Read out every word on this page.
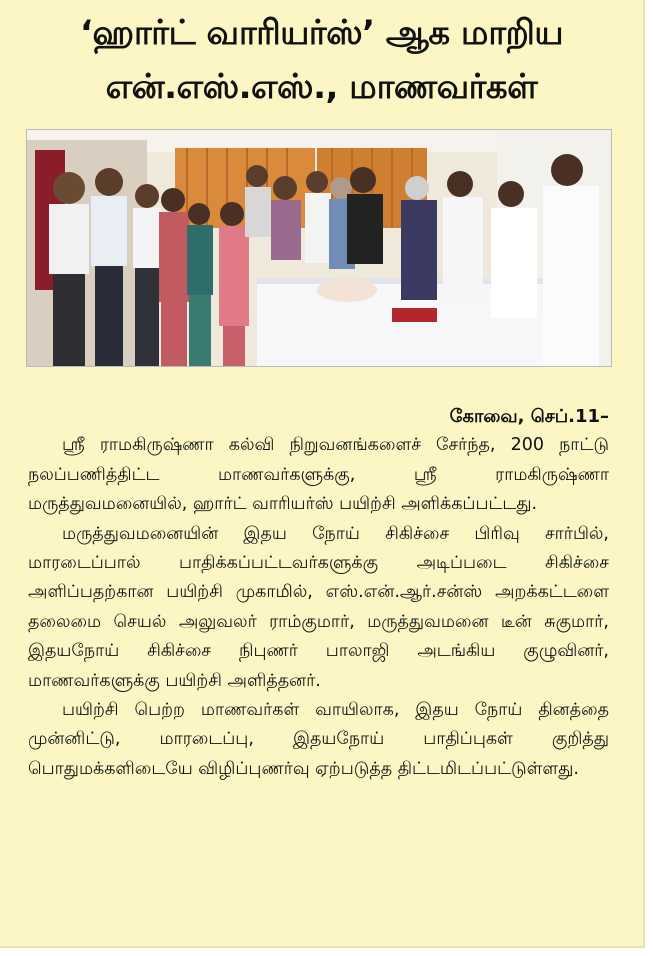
‘ஹார்ட் வாரியர்ஸ்’ ஆக மாறிய
என்.எஸ்.எஸ்., மாணவர்கள்
கோவை, செப்.11–

ஸ்ரீ ராமகிருஷ்ணா கல்வி நிறுவனங்களைச் சேர்ந்த, 200 நாட்டு நலப்பணித்திட்ட மாணவர்களுக்கு, ஸ்ரீ ராமகிருஷ்ணா மருத்துவமனையில், ஹார்ட் வாரியர்ஸ் பயிற்சி அளிக்கப்பட்டது.

மருத்துவமனையின் இதய நோய் சிகிச்சை பிரிவு சார்பில், மாரடைப்பால் பாதிக்கப்பட்டவர்களுக்கு அடிப்படை சிகிச்சை அளிப்பதற்கான பயிற்சி முகாமில், எஸ்.என்.ஆர்.சன்ஸ் அறக்கட்டளை தலைமை செயல் அலுவலர் ராம்குமார், மருத்துவமனை டீன் சுகுமார், இதயநோய் சிகிச்சை நிபுணர் பாலாஜி அடங்கிய குழுவினர், மாணவர்களுக்கு பயிற்சி அளித்தனர்.

பயிற்சி பெற்ற மாணவர்கள் வாயிலாக, இதய நோய் தினத்தை முன்னிட்டு, மாரடைப்பு, இதயநோய் பாதிப்புகள் குறித்து பொதுமக்களிடையே விழிப்புணர்வு ஏற்படுத்த திட்டமிடப்பட்டுள்ளது.
